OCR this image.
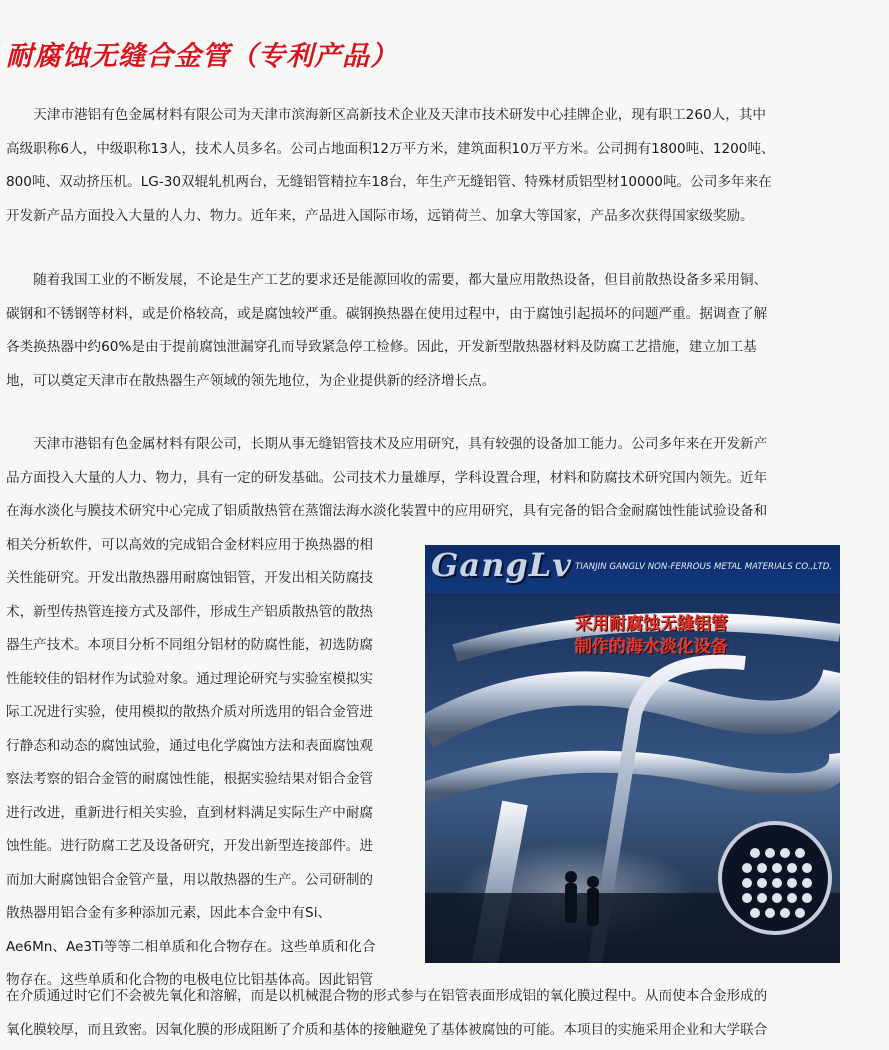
耐腐蚀无缝合金管（专利产品）
天津市港铝有色金属材料有限公司为天津市滨海新区高新技术企业及天津市技术研发中心挂牌企业，现有职工260人，其中
高级职称6人，中级职称13人，技术人员多名。公司占地面积12万平方米，建筑面积10万平方米。公司拥有1800吨、1200吨、
800吨、双动挤压机。LG-30双辊轧机两台，无缝铝管精拉车18台，年生产无缝铝管、特殊材质铝型材10000吨。公司多年来在
开发新产品方面投入大量的人力、物力。近年来，产品进入国际市场，远销荷兰、加拿大等国家，产品多次获得国家级奖励。
随着我国工业的不断发展，不论是生产工艺的要求还是能源回收的需要，都大量应用散热设备，但目前散热设备多采用铜、
碳钢和不锈钢等材料，或是价格较高，或是腐蚀较严重。碳钢换热器在使用过程中，由于腐蚀引起损坏的问题严重。据调查了解
各类换热器中约60%是由于提前腐蚀泄漏穿孔而导致紧急停工检修。因此，开发新型散热器材料及防腐工艺措施，建立加工基
地，可以奠定天津市在散热器生产领域的领先地位，为企业提供新的经济增长点。
天津市港铝有色金属材料有限公司，长期从事无缝铝管技术及应用研究，具有较强的设备加工能力。公司多年来在开发新产
品方面投入大量的人力、物力，具有一定的研发基础。公司技术力量雄厚，学科设置合理，材料和防腐技术研究国内领先。近年
在海水淡化与膜技术研究中心完成了铝质散热管在蒸馏法海水淡化装置中的应用研究，具有完备的铝合金耐腐蚀性能试验设备和
相关分析软件，可以高效的完成铝合金材料应用于换热器的相
关性能研究。开发出散热器用耐腐蚀铝管，开发出相关防腐技
术，新型传热管连接方式及部件，形成生产铝质散热管的散热
器生产技术。本项目分析不同组分铝材的防腐性能，初选防腐
性能较佳的铝材作为试验对象。通过理论研究与实验室模拟实
际工况进行实验，使用模拟的散热介质对所选用的铝合金管进
行静态和动态的腐蚀试验，通过电化学腐蚀方法和表面腐蚀观
察法考察的铝合金管的耐腐蚀性能，根据实验结果对铝合金管
进行改进，重新进行相关实验，直到材料满足实际生产中耐腐
蚀性能。进行防腐工艺及设备研究，开发出新型连接部件。进
而加大耐腐蚀铝合金管产量，用以散热器的生产。公司研制的
散热器用铝合金有多种添加元素，因此本合金中有Si、
Ae6Mn、Ae3Ti等等二相单质和化合物存在。这些单质和化合
物存在。这些单质和化合物的电极电位比铝基体高。因此铝管
GangLv TIANJIN GANGLV NON-FERROUS METAL MATERIALS CO.,LTD.
采用耐腐蚀无缝铝管
制作的海水淡化设备
在介质通过时它们不会被先氧化和溶解，而是以机械混合物的形式参与在铝管表面形成铝的氧化膜过程中。从而使本合金形成的
氧化膜较厚，而且致密。因氧化膜的形成阻断了介质和基体的接触避免了基体被腐蚀的可能。本项目的实施采用企业和大学联合
